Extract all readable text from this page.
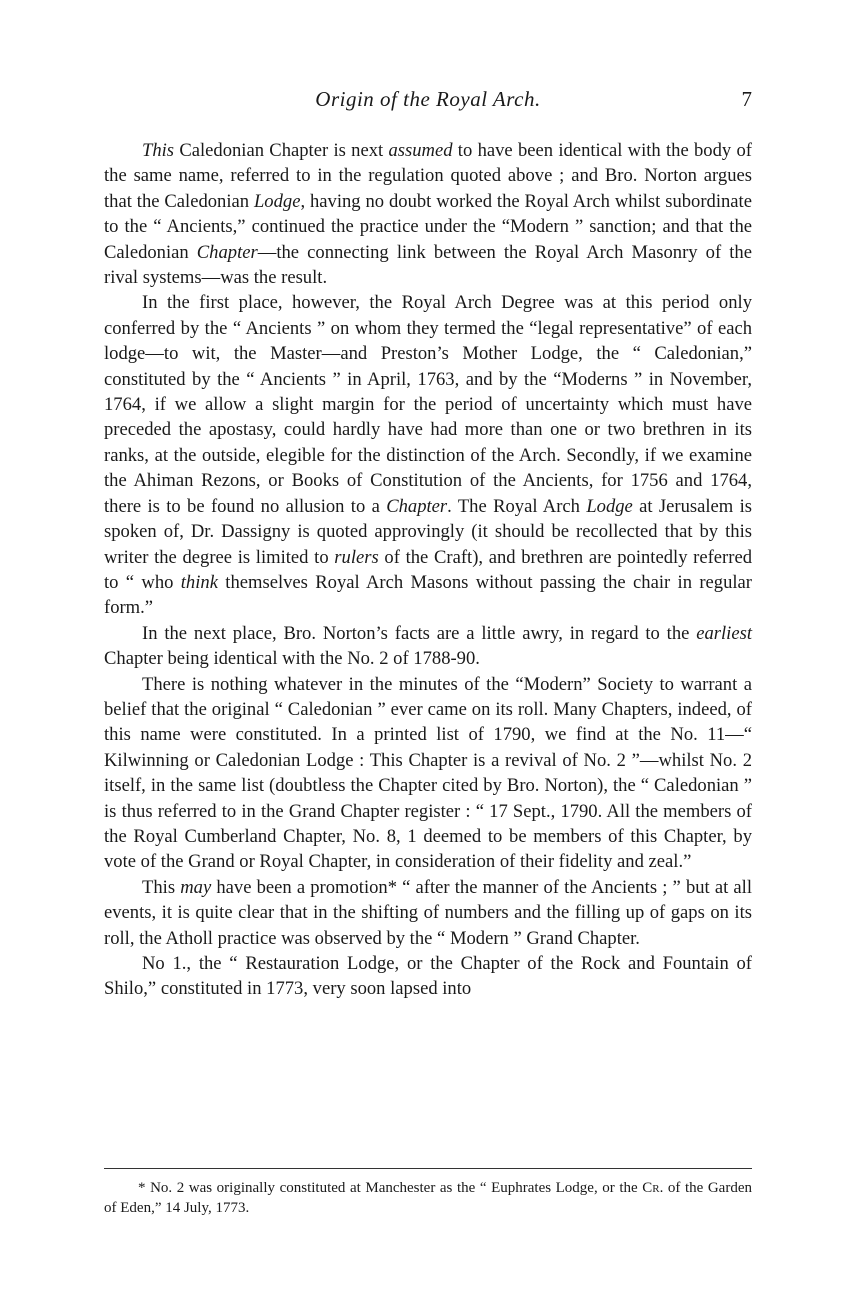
Origin of the Royal Arch.	7

This Caledonian Chapter is next assumed to have been identical with the body of the same name, referred to in the regulation quoted above ; and Bro. Norton argues that the Caledonian Lodge, having no doubt worked the Royal Arch whilst subordinate to the “ Ancients,” continued the practice under the “Modern ” sanction; and that the Caledonian Chapter—the connecting link between the Royal Arch Masonry of the rival systems—was the result.

In the first place, however, the Royal Arch Degree was at this period only conferred by the “ Ancients ” on whom they termed the “legal representative” of each lodge—to wit, the Master—and Preston’s Mother Lodge, the “ Caledonian,” constituted by the “ Ancients ” in April, 1763, and by the “Moderns ” in November, 1764, if we allow a slight margin for the period of uncertainty which must have preceded the apostasy, could hardly have had more than one or two brethren in its ranks, at the outside, elegible for the distinction of the Arch. Secondly, if we examine the Ahiman Rezons, or Books of Constitution of the Ancients, for 1756 and 1764, there is to be found no allusion to a Chapter. The Royal Arch Lodge at Jerusalem is spoken of, Dr. Dassigny is quoted approvingly (it should be recollected that by this writer the degree is limited to rulers of the Craft), and brethren are pointedly referred to “ who think themselves Royal Arch Masons without passing the chair in regular form.”

In the next place, Bro. Norton’s facts are a little awry, in regard to the earliest Chapter being identical with the No. 2 of 1788-90.

There is nothing whatever in the minutes of the “Modern” Society to warrant a belief that the original “ Caledonian ” ever came on its roll. Many Chapters, indeed, of this name were constituted. In a printed list of 1790, we find at the No. 11—“ Kilwinning or Caledonian Lodge : This Chapter is a revival of No. 2 ”—whilst No. 2 itself, in the same list (doubtless the Chapter cited by Bro. Norton), the “ Caledonian ” is thus referred to in the Grand Chapter register : “ 17 Sept., 1790. All the members of the Royal Cumberland Chapter, No. 8, 1 deemed to be members of this Chapter, by vote of the Grand or Royal Chapter, in consideration of their fidelity and zeal.”

This may have been a promotion* “ after the manner of the Ancients ; ” but at all events, it is quite clear that in the shifting of numbers and the filling up of gaps on its roll, the Atholl practice was observed by the “ Modern ” Grand Chapter.

No 1., the “ Restauration Lodge, or the Chapter of the Rock and Fountain of Shilo,” constituted in 1773, very soon lapsed into

* No. 2 was originally constituted at Manchester as the “ Euphrates Lodge, or the Cr. of the Garden of Eden,” 14 July, 1773.
